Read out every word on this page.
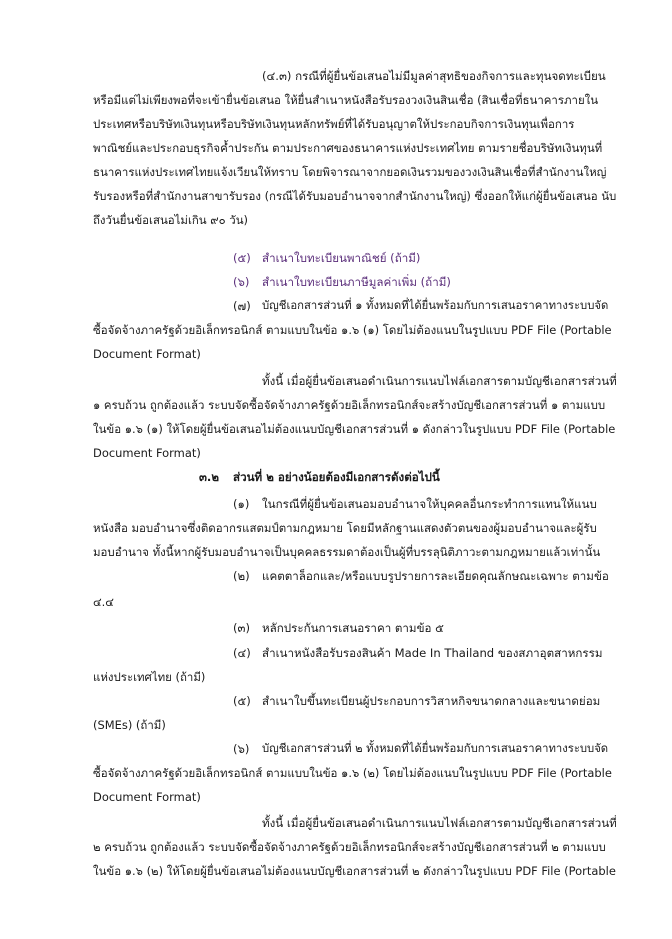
(๔.๓) กรณีที่ผู้ยื่นข้อเสนอไม่มีมูลค่าสุทธิของกิจการและทุนจดทะเบียน
หรือมีแต่ไม่เพียงพอที่จะเข้ายื่นข้อเสนอ ให้ยื่นสำเนาหนังสือรับรองวงเงินสินเชื่อ (สินเชื่อที่ธนาคารภายใน
ประเทศหรือบริษัทเงินทุนหรือบริษัทเงินทุนหลักทรัพย์ที่ได้รับอนุญาตให้ประกอบกิจการเงินทุนเพื่อการ
พาณิชย์และประกอบธุรกิจค้ำประกัน ตามประกาศของธนาคารแห่งประเทศไทย ตามรายชื่อบริษัทเงินทุนที่
ธนาคารแห่งประเทศไทยแจ้งเวียนให้ทราบ โดยพิจารณาจากยอดเงินรวมของวงเงินสินเชื่อที่สำนักงานใหญ่
รับรองหรือที่สำนักงานสาขารับรอง (กรณีได้รับมอบอำนาจจากสำนักงานใหญ่) ซึ่งออกให้แก่ผู้ยื่นข้อเสนอ นับ
ถึงวันยื่นข้อเสนอไม่เกิน ๙๐ วัน)
(๕) สำเนาใบทะเบียนพาณิชย์ (ถ้ามี)
(๖) สำเนาใบทะเบียนภาษีมูลค่าเพิ่ม (ถ้ามี)
(๗) บัญชีเอกสารส่วนที่ ๑ ทั้งหมดที่ได้ยื่นพร้อมกับการเสนอราคาทางระบบจัด
ซื้อจัดจ้างภาครัฐด้วยอิเล็กทรอนิกส์ ตามแบบในข้อ ๑.๖ (๑) โดยไม่ต้องแนบในรูปแบบ PDF File (Portable
Document Format)
ทั้งนี้ เมื่อผู้ยื่นข้อเสนอดำเนินการแนบไฟล์เอกสารตามบัญชีเอกสารส่วนที่
๑ ครบถ้วน ถูกต้องแล้ว ระบบจัดซื้อจัดจ้างภาครัฐด้วยอิเล็กทรอนิกส์จะสร้างบัญชีเอกสารส่วนที่ ๑ ตามแบบ
ในข้อ ๑.๖ (๑) ให้โดยผู้ยื่นข้อเสนอไม่ต้องแนบบัญชีเอกสารส่วนที่ ๑ ดังกล่าวในรูปแบบ PDF File (Portable
Document Format)
๓.๒ ส่วนที่ ๒ อย่างน้อยต้องมีเอกสารดังต่อไปนี้
(๑) ในกรณีที่ผู้ยื่นข้อเสนอมอบอำนาจให้บุคคลอื่นกระทำการแทนให้แนบ
หนังสือ มอบอำนาจซึ่งติดอากรแสตมป์ตามกฎหมาย โดยมีหลักฐานแสดงตัวตนของผู้มอบอำนาจและผู้รับ
มอบอำนาจ ทั้งนี้หากผู้รับมอบอำนาจเป็นบุคคลธรรมดาต้องเป็นผู้ที่บรรลุนิติภาวะตามกฎหมายแล้วเท่านั้น
(๒) แคตตาล็อกและ/หรือแบบรูปรายการละเอียดคุณลักษณะเฉพาะ ตามข้อ
๔.๔
(๓) หลักประกันการเสนอราคา ตามข้อ ๕
(๔) สำเนาหนังสือรับรองสินค้า Made In Thailand ของสภาอุตสาหกรรม
แห่งประเทศไทย (ถ้ามี)
(๕) สำเนาใบขึ้นทะเบียนผู้ประกอบการวิสาหกิจขนาดกลางและขนาดย่อม
(SMEs) (ถ้ามี)
(๖) บัญชีเอกสารส่วนที่ ๒ ทั้งหมดที่ได้ยื่นพร้อมกับการเสนอราคาทางระบบจัด
ซื้อจัดจ้างภาครัฐด้วยอิเล็กทรอนิกส์ ตามแบบในข้อ ๑.๖ (๒) โดยไม่ต้องแนบในรูปแบบ PDF File (Portable
Document Format)
ทั้งนี้ เมื่อผู้ยื่นข้อเสนอดำเนินการแนบไฟล์เอกสารตามบัญชีเอกสารส่วนที่
๒ ครบถ้วน ถูกต้องแล้ว ระบบจัดซื้อจัดจ้างภาครัฐด้วยอิเล็กทรอนิกส์จะสร้างบัญชีเอกสารส่วนที่ ๒ ตามแบบ
ในข้อ ๑.๖ (๒) ให้โดยผู้ยื่นข้อเสนอไม่ต้องแนบบัญชีเอกสารส่วนที่ ๒ ดังกล่าวในรูปแบบ PDF File (Portable
